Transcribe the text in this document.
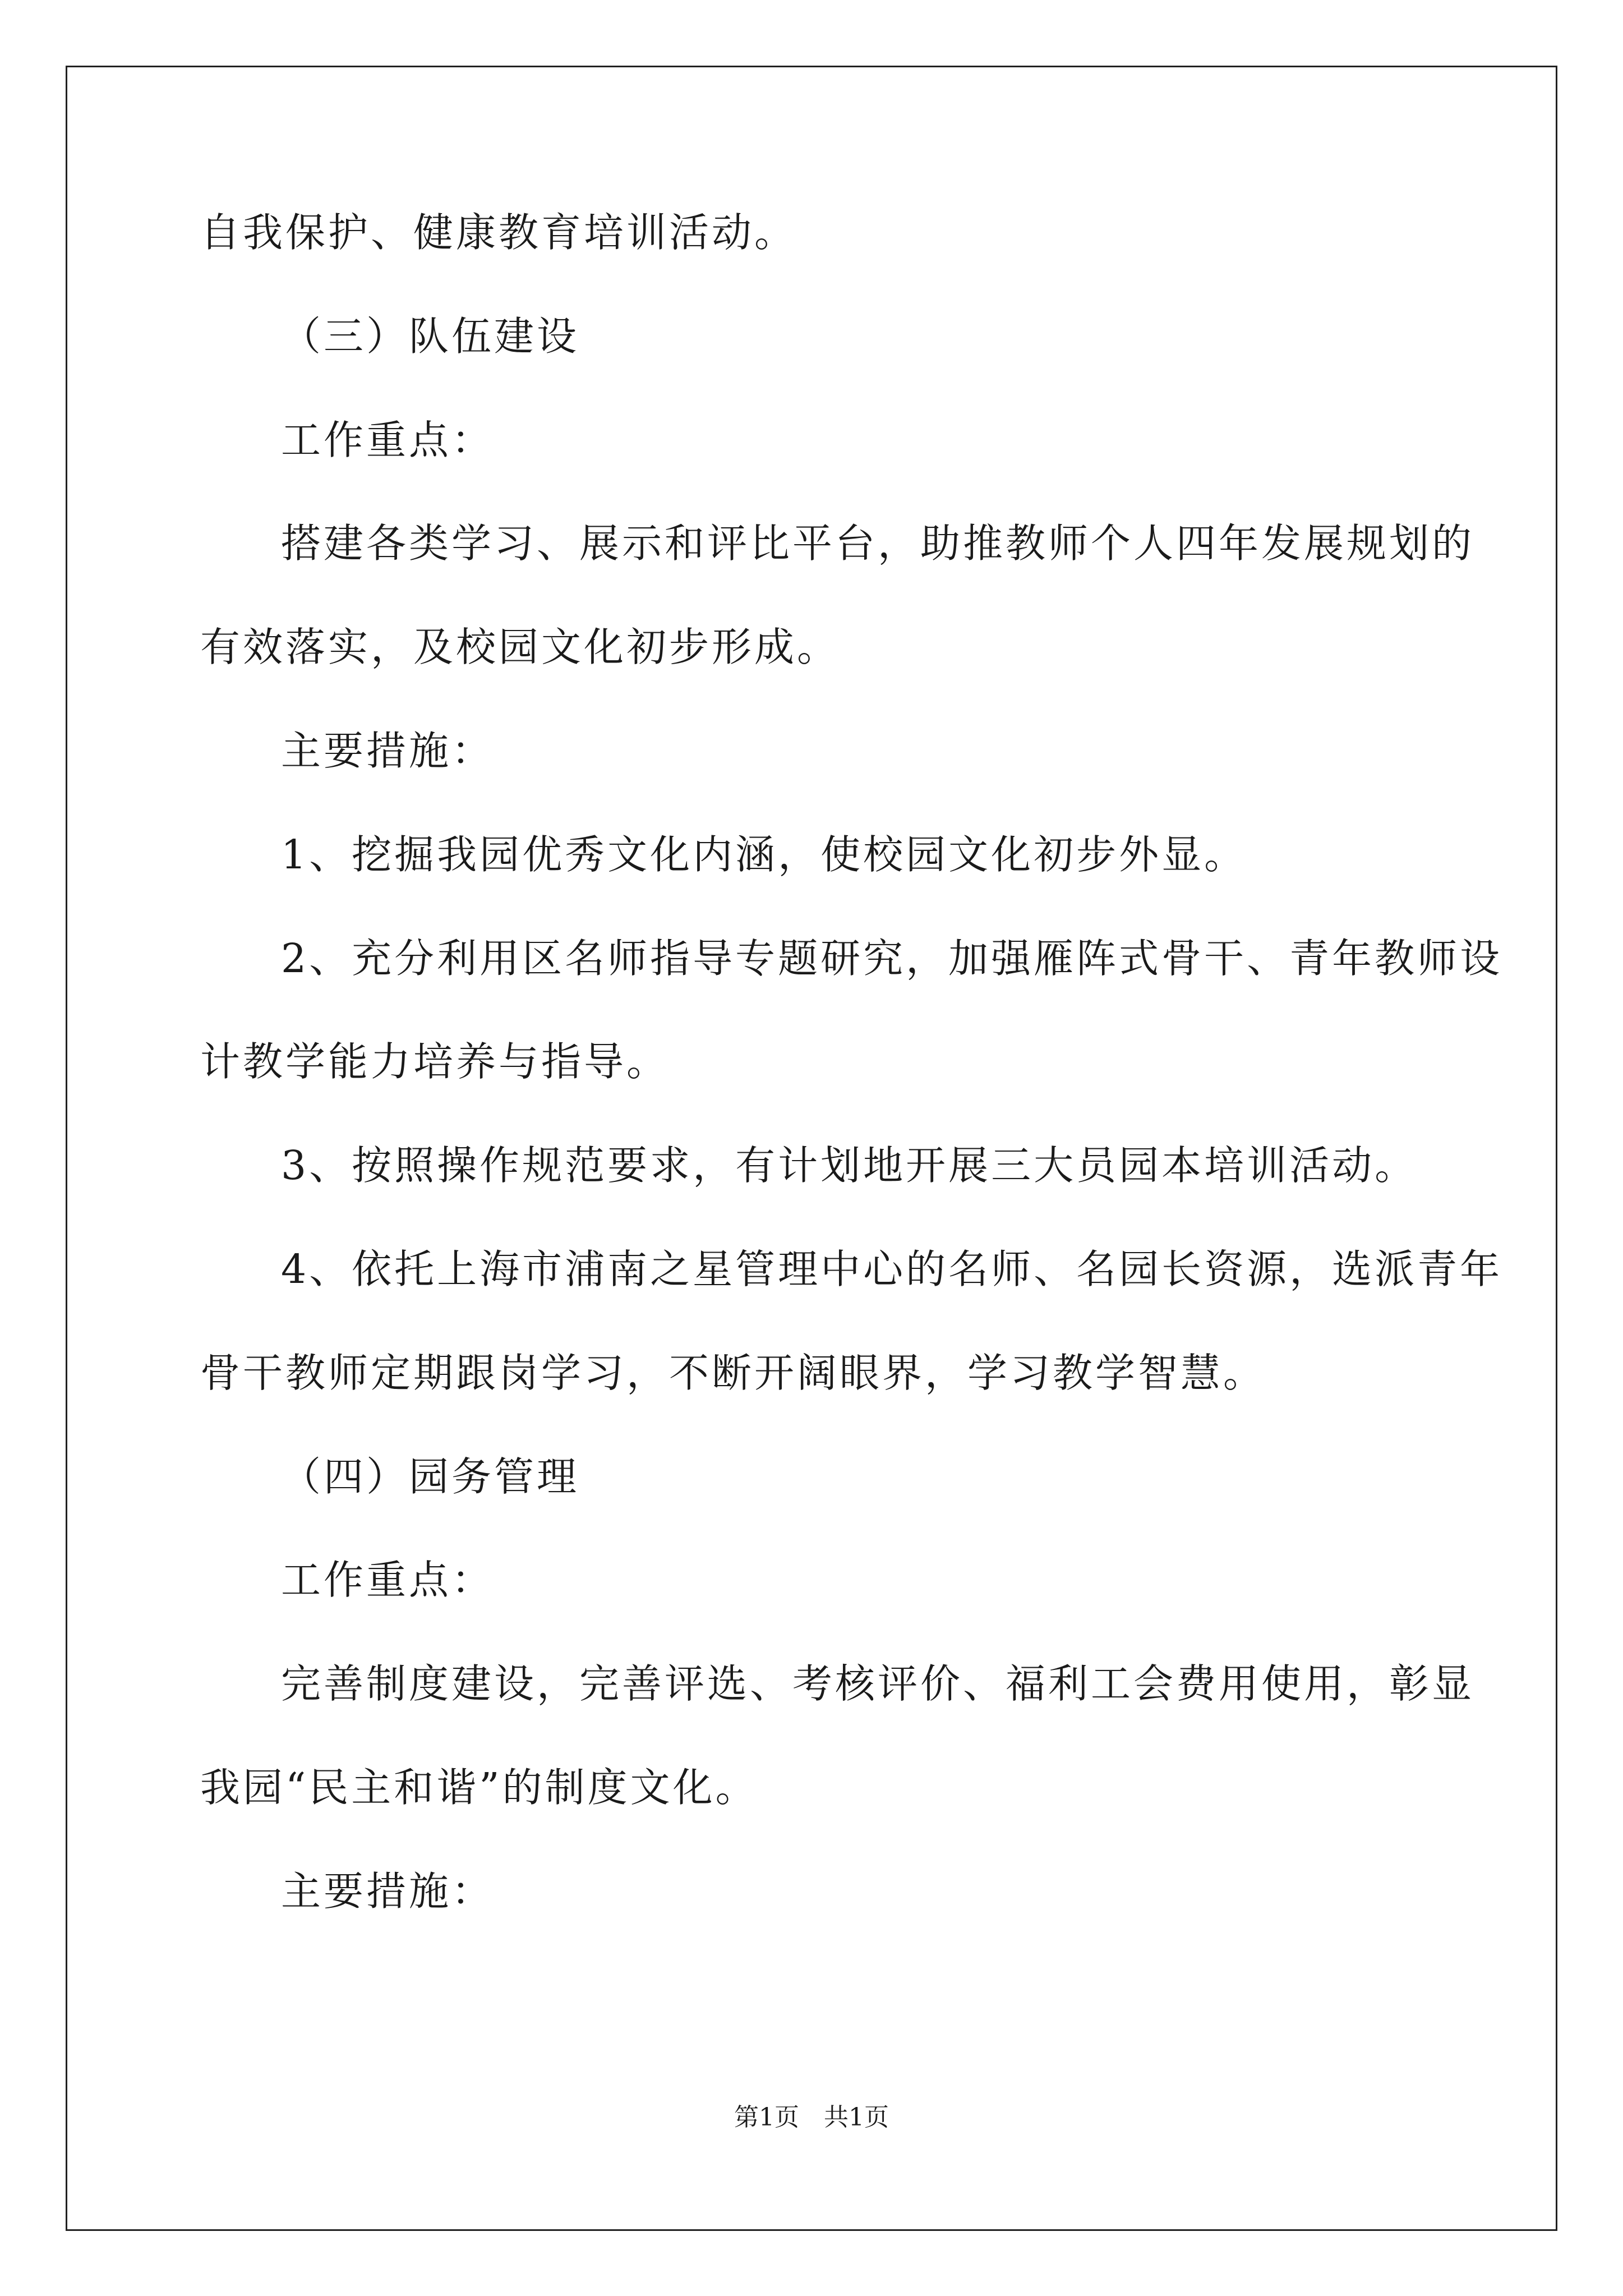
自我保护、健康教育培训活动。
（三）队伍建设
工作重点：
搭建各类学习、展示和评比平台，助推教师个人四年发展规划的
有效落实，及校园文化初步形成。
主要措施：
1、挖掘我园优秀文化内涵，使校园文化初步外显。
2、充分利用区名师指导专题研究，加强雁阵式骨干、青年教师设
计教学能力培养与指导。
3、按照操作规范要求，有计划地开展三大员园本培训活动。
4、依托上海市浦南之星管理中心的名师、名园长资源，选派青年
骨干教师定期跟岗学习，不断开阔眼界，学习教学智慧。
（四）园务管理
工作重点：
完善制度建设，完善评选、考核评价、福利工会费用使用，彰显
我园“民主和谐”的制度文化。
主要措施：
第1页　共1页
